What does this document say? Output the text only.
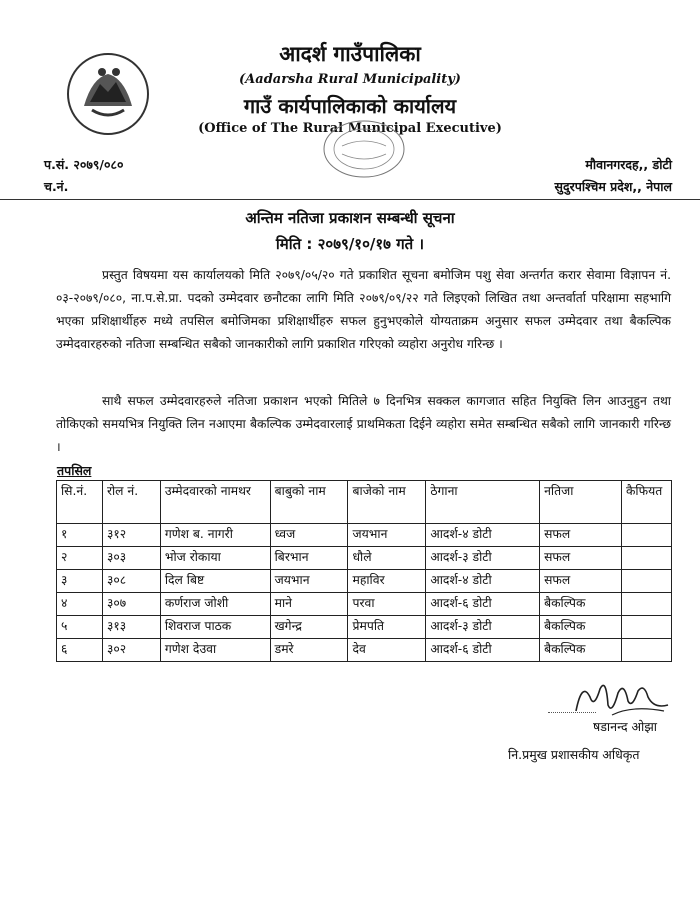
आदर्श गाउँपालिका
(Aadarsha Rural Municipality)
गाउँ कार्यपालिकाको कार्यालय
(Office of The Rural Municipal Executive)
प.सं. २०७९/०८०
च.नं.
मौवानगरदह,, डोटी
सुदुरपश्चिम प्रदेश,, नेपाल
अन्तिम नतिजा प्रकाशन सम्बन्धी सूचना
मिति : २०७९/१०/१७ गते ।
प्रस्तुत विषयमा यस कार्यालयको मिति २०७९/०५/२० गते प्रकाशित सूचना बमोजिम पशु सेवा अन्तर्गत करार सेवामा विज्ञापन नं. ०३-२०७९/०८०, ना.प.से.प्रा. पदको उम्मेदवार छनौटका लागि मिति २०७९/०९/२२ गते लिइएको लिखित तथा अन्तर्वार्ता परिक्षामा सहभागि भएका प्रशिक्षार्थीहरु मध्ये तपसिल बमोजिमका प्रशिक्षार्थीहरु सफल हुनुभएकोले योग्यताक्रम अनुसार सफल उम्मेदवार तथा बैकल्पिक उम्मेदवारहरुको नतिजा सम्बन्धित सबैको जानकारीको लागि प्रकाशित गरिएको व्यहोरा अनुरोध गरिन्छ ।
साथै सफल उम्मेदवारहरुले नतिजा प्रकाशन भएको मितिले ७ दिनभित्र सक्कल कागजात सहित नियुक्ति लिन आउनुहुन तथा तोकिएको समयभित्र नियुक्ति लिन नआएमा बैकल्पिक उम्मेदवारलाई प्राथमिकता दिईने व्यहोरा समेत सम्बन्धित सबैको लागि जानकारी गरिन्छ ।
तपसिल
सि.नं.	रोल नं.	उम्मेदवारको नामथर	बाबुको नाम	बाजेको नाम	ठेगाना	नतिजा	कैफियत
१	३१२	गणेश ब. नागरी	ध्वज	जयभान	आदर्श-४ डोटी	सफल	
२	३०३	भोज रोकाया	बिरभान	धौले	आदर्श-३ डोटी	सफल	
३	३०८	दिल बिष्ट	जयभान	महाविर	आदर्श-४ डोटी	सफल	
४	३०७	कर्णराज जोशी	माने	परवा	आदर्श-६ डोटी	बैकल्पिक	
५	३१३	शिवराज पाठक	खगेन्द्र	प्रेमपति	आदर्श-३ डोटी	बैकल्पिक	
६	३०२	गणेश देउवा	डमरे	देव	आदर्श-६ डोटी	बैकल्पिक	
षडानन्द ओझा
नि.प्रमुख प्रशासकीय अधिकृत
